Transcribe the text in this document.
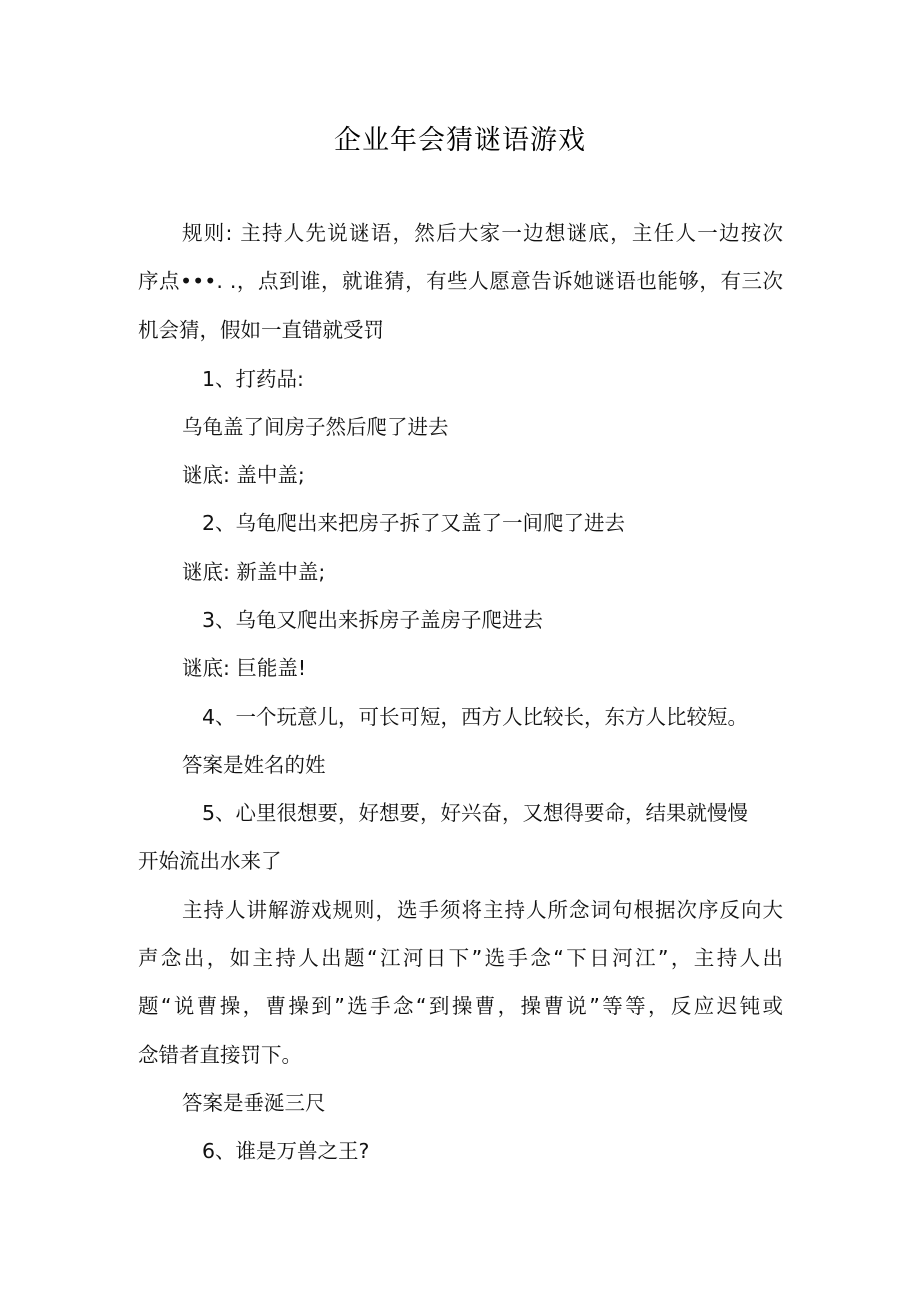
企业年会猜谜语游戏
规则: 主持人先说谜语，然后大家一边想谜底，主任人一边按次
序点•••. .，点到谁，就谁猜，有些人愿意告诉她谜语也能够，有三次
机会猜，假如一直错就受罚
1、打药品:
乌龟盖了间房子然后爬了进去
谜底: 盖中盖;
2、乌龟爬出来把房子拆了又盖了一间爬了进去
谜底: 新盖中盖;
3、乌龟又爬出来拆房子盖房子爬进去
谜底: 巨能盖!
4、一个玩意儿，可长可短，西方人比较长，东方人比较短。
答案是姓名的姓
5、心里很想要，好想要，好兴奋，又想得要命，结果就慢慢
开始流出水来了
主持人讲解游戏规则，选手须将主持人所念词句根据次序反向大
声念出，如主持人出题“江河日下”选手念“下日河江”，主持人出
题“说曹操，曹操到”选手念“到操曹，操曹说”等等，反应迟钝或
念错者直接罚下。
答案是垂涎三尺
6、谁是万兽之王?
